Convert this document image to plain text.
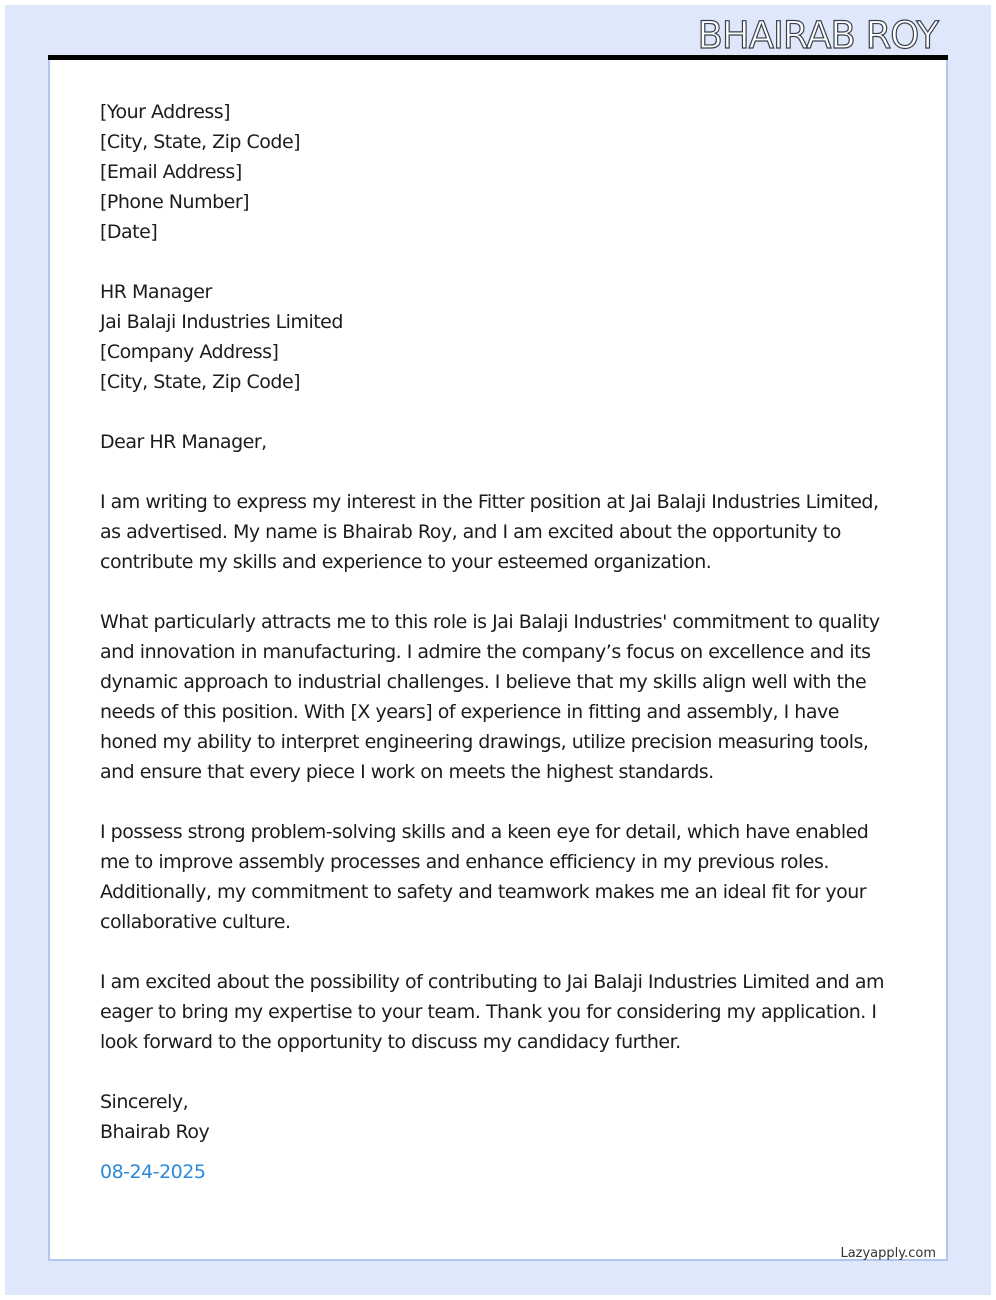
BHAIRAB ROY
[Your Address]
[City, State, Zip Code]
[Email Address]
[Phone Number]
[Date]
HR Manager
Jai Balaji Industries Limited
[Company Address]
[City, State, Zip Code]

Dear HR Manager,

I am writing to express my interest in the Fitter position at Jai Balaji Industries Limited, as advertised. My name is Bhairab Roy, and I am excited about the opportunity to contribute my skills and experience to your esteemed organization.

What particularly attracts me to this role is Jai Balaji Industries' commitment to quality and innovation in manufacturing. I admire the company’s focus on excellence and its dynamic approach to industrial challenges. I believe that my skills align well with the needs of this position. With [X years] of experience in fitting and assembly, I have honed my ability to interpret engineering drawings, utilize precision measuring tools, and ensure that every piece I work on meets the highest standards.

I possess strong problem-solving skills and a keen eye for detail, which have enabled me to improve assembly processes and enhance efficiency in my previous roles. Additionally, my commitment to safety and teamwork makes me an ideal fit for your collaborative culture.

I am excited about the possibility of contributing to Jai Balaji Industries Limited and am eager to bring my expertise to your team. Thank you for considering my application. I look forward to the opportunity to discuss my candidacy further.

Sincerely,
Bhairab Roy
08-24-2025
Lazyapply.com
